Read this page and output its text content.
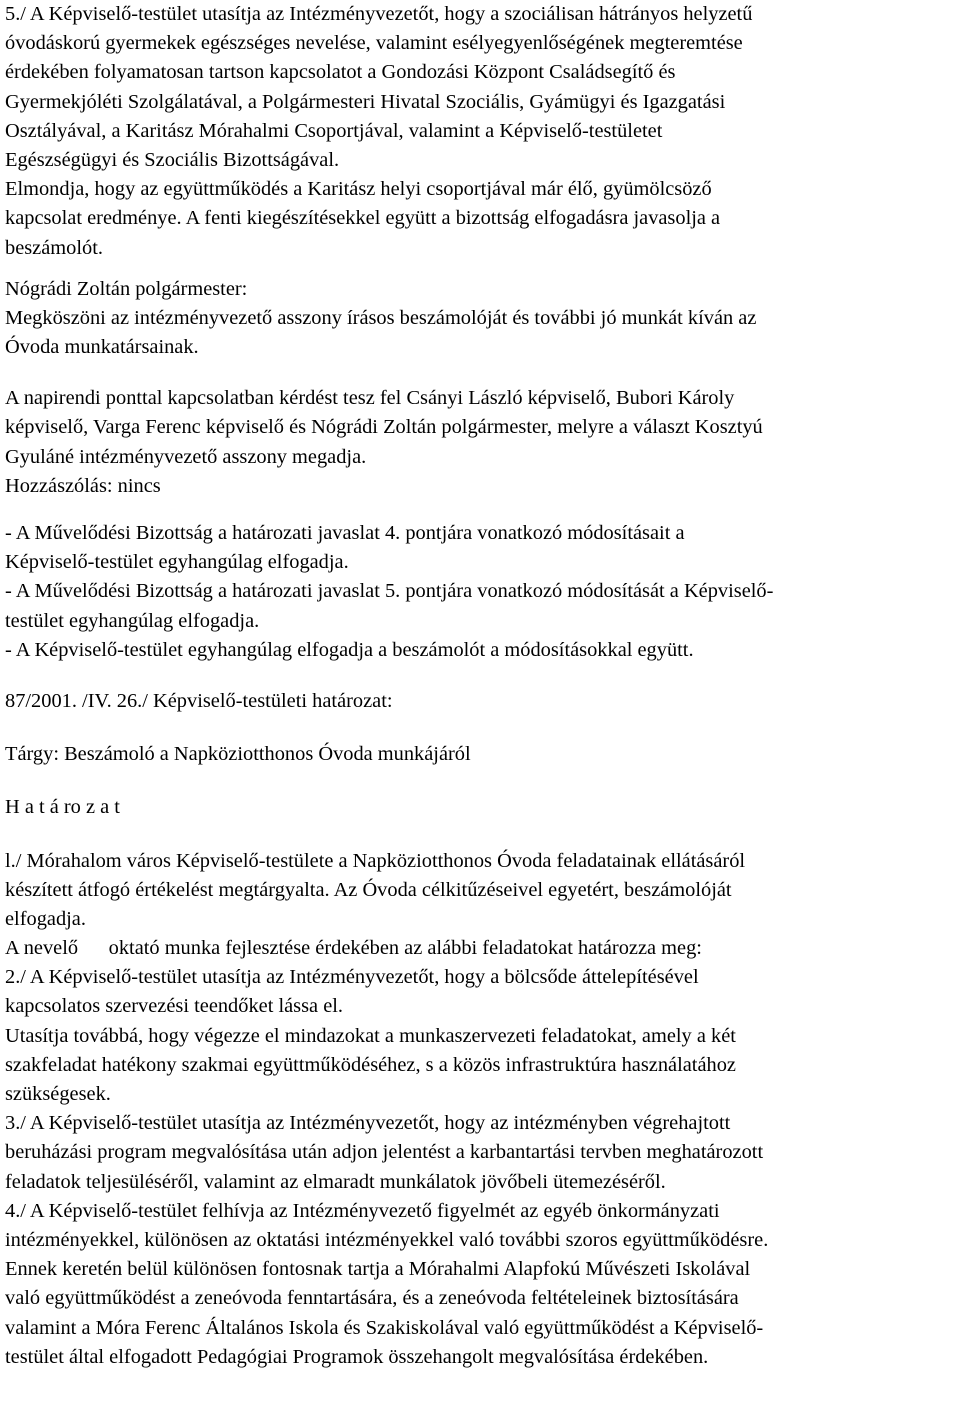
5./ A Képviselő-testület utasítja az Intézményvezetőt, hogy a szociálisan hátrányos helyzetű
óvodáskorú gyermekek egészséges nevelése, valamint esélyegyenlőségének megteremtése
érdekében folyamatosan tartson kapcsolatot a Gondozási Központ Családsegítő és
Gyermekjóléti Szolgálatával, a Polgármesteri Hivatal Szociális, Gyámügyi és Igazgatási
Osztályával, a Karitász Mórahalmi Csoportjával, valamint a Képviselő-testületet
Egészségügyi és Szociális Bizottságával.
Elmondja, hogy az együttműködés a Karitász helyi csoportjával már élő, gyümölcsöző
kapcsolat eredménye. A fenti kiegészítésekkel együtt a bizottság elfogadásra javasolja a
beszámolót.
Nógrádi Zoltán polgármester:
Megköszöni az intézményvezető asszony írásos beszámolóját és további jó munkát kíván az
Óvoda munkatársainak.
A napirendi ponttal kapcsolatban kérdést tesz fel Csányi László képviselő, Bubori Károly
képviselő, Varga Ferenc képviselő és Nógrádi Zoltán polgármester, melyre a választ Kosztyú
Gyuláné intézményvezető asszony megadja.
Hozzászólás: nincs
- A Művelődési Bizottság a határozati javaslat 4. pontjára vonatkozó módosításait a
Képviselő-testület egyhangúlag elfogadja.
- A Művelődési Bizottság a határozati javaslat 5. pontjára vonatkozó módosítását a Képviselő-
testület egyhangúlag elfogadja.
- A Képviselő-testület egyhangúlag elfogadja a beszámolót a módosításokkal együtt.
87/2001. /IV. 26./ Képviselő-testületi határozat:
Tárgy: Beszámoló a Napköziotthonos Óvoda munkájáról
H a t á ro z a t
l./ Mórahalom város Képviselő-testülete a Napköziotthonos Óvoda feladatainak ellátásáról
készített átfogó értékelést megtárgyalta. Az Óvoda célkitűzéseivel egyetért, beszámolóját
elfogadja.
A nevelő      oktató munka fejlesztése érdekében az alábbi feladatokat határozza meg:
2./ A Képviselő-testület utasítja az Intézményvezetőt, hogy a bölcsőde áttelepítésével
kapcsolatos szervezési teendőket lássa el.
Utasítja továbbá, hogy végezze el mindazokat a munkaszervezeti feladatokat, amely a két
szakfeladat hatékony szakmai együttműködéséhez, s a közös infrastruktúra használatához
szükségesek.
3./ A Képviselő-testület utasítja az Intézményvezetőt, hogy az intézményben végrehajtott
beruházási program megvalósítása után adjon jelentést a karbantartási tervben meghatározott
feladatok teljesüléséről, valamint az elmaradt munkálatok jövőbeli ütemezéséről.
4./ A Képviselő-testület felhívja az Intézményvezető figyelmét az egyéb önkormányzati
intézményekkel, különösen az oktatási intézményekkel való további szoros együttműködésre.
Ennek keretén belül különösen fontosnak tartja a Mórahalmi Alapfokú Művészeti Iskolával
való együttműködést a zeneóvoda fenntartására, és a zeneóvoda feltételeinek biztosítására
valamint a Móra Ferenc Általános Iskola és Szakiskolával való együttműködést a Képviselő-
testület által elfogadott Pedagógiai Programok összehangolt megvalósítása érdekében.
